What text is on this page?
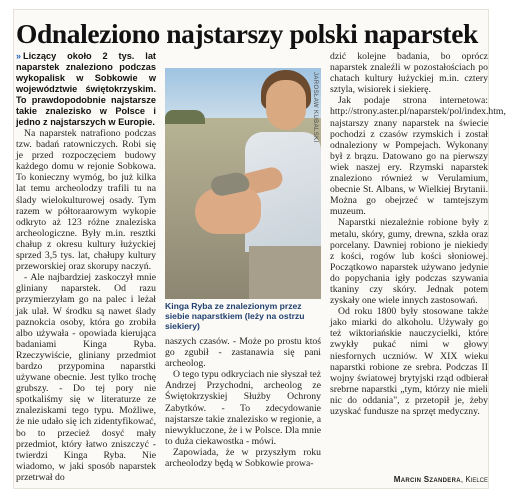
Odnaleziono najstarszy polski naparstek

» Liczący około 2 tys. lat naparstek znaleziono podczas wykopalisk w Sobkowie w województwie świętokrzyskim. To prawdopodobnie najstarsze takie znalezisko w Polsce i jedno z najstarszych w Europie.

Na naparstek natrafiono podczas tzw. badań ratowniczych. Robi się je przed rozpoczęciem budowy każdego domu w rejonie Sobkowa. To konieczny wymóg, bo już kilka lat temu archeolodzy trafili tu na ślady wielokulturowej osady. Tym razem w półtoraarowym wykopie odkryto aż 123 różne znaleziska archeologiczne. Były m.in. resztki chałup z okresu kultury łużyckiej sprzed 3,5 tys. lat, chałupy kultury przeworskiej oraz skorupy naczyń.

- Ale najbardziej zaskoczył mnie gliniany naparstek. Od razu przymierzyłam go na palec i leżał jak ulał. W środku są nawet ślady paznokcia osoby, która go zrobiła albo używała - opowiada kierująca badaniami Kinga Ryba. Rzeczywiście, gliniany przedmiot bardzo przypomina naparstki używane obecnie. Jest tylko trochę grubszy. - Do tej pory nie spotkaliśmy się w literaturze ze znaleziskami tego typu. Możliwe, że nie udało się ich zidentyfikować, bo to przecież dosyć mały przedmiot, który łatwo zniszczyć - twierdzi Kinga Ryba. Nie wiadomo, w jaki sposób naparstek przetrwał do

JAROSŁAW KUBALSKI
Kinga Ryba ze znalezionym przez siebie naparstkiem (leży na ostrzu siekiery)

naszych czasów. - Może po prostu ktoś go zgubił - zastanawia się pani archeolog.

O tego typu odkryciach nie słyszał też Andrzej Przychodni, archeolog ze Świętokrzyskiej Służby Ochrony Zabytków. - To zdecydowanie najstarsze takie znalezisko w regionie, a niewykluczone, że i w Polsce. Dla mnie to duża ciekawostka - mówi.

Zapowiada, że w przyszłym roku archeolodzy będą w Sobkowie prowa-

dzić kolejne badania, bo oprócz naparstek znaleźli w pozostałościach po chatach kultury łużyckiej m.in. cztery sztyla, wisiorek i siekierę.

Jak podaje strona internetowa: http://strony.aster.pl/naparstek/pol/index.htm, najstarszy znany naparstek na świecie pochodzi z czasów rzymskich i został odnaleziony w Pompejach. Wykonany był z brązu. Datowano go na pierwszy wiek naszej ery. Rzymski naparstek znaleziono również w Verulamium, obecnie St. Albans, w Wielkiej Brytanii. Można go obejrzeć w tamtejszym muzeum.

Naparstki niezależnie robione były z metalu, skóry, gumy, drewna, szkła oraz porcelany. Dawniej robiono je niekiedy z kości, rogów lub kości słoniowej. Początkowo naparstek używano jedynie do popychania igły podczas szywania tkaniny czy skóry. Jednak potem zyskały one wiele innych zastosowań.

Od roku 1800 były stosowane także jako miarki do alkoholu. Używały go też wiktoriańskie nauczycielki, które zwykły pukać nimi w głowy niesfornych uczniów. W XIX wieku naparstki robione ze srebra. Podczas II wojny światowej brytyjski rząd odbierał srebrne naparstki „tym, którzy nie mieli nic do oddania", z przetopił je, żeby uzyskać fundusze na sprzęt medyczny.

Marcin Szandera, Kielce
